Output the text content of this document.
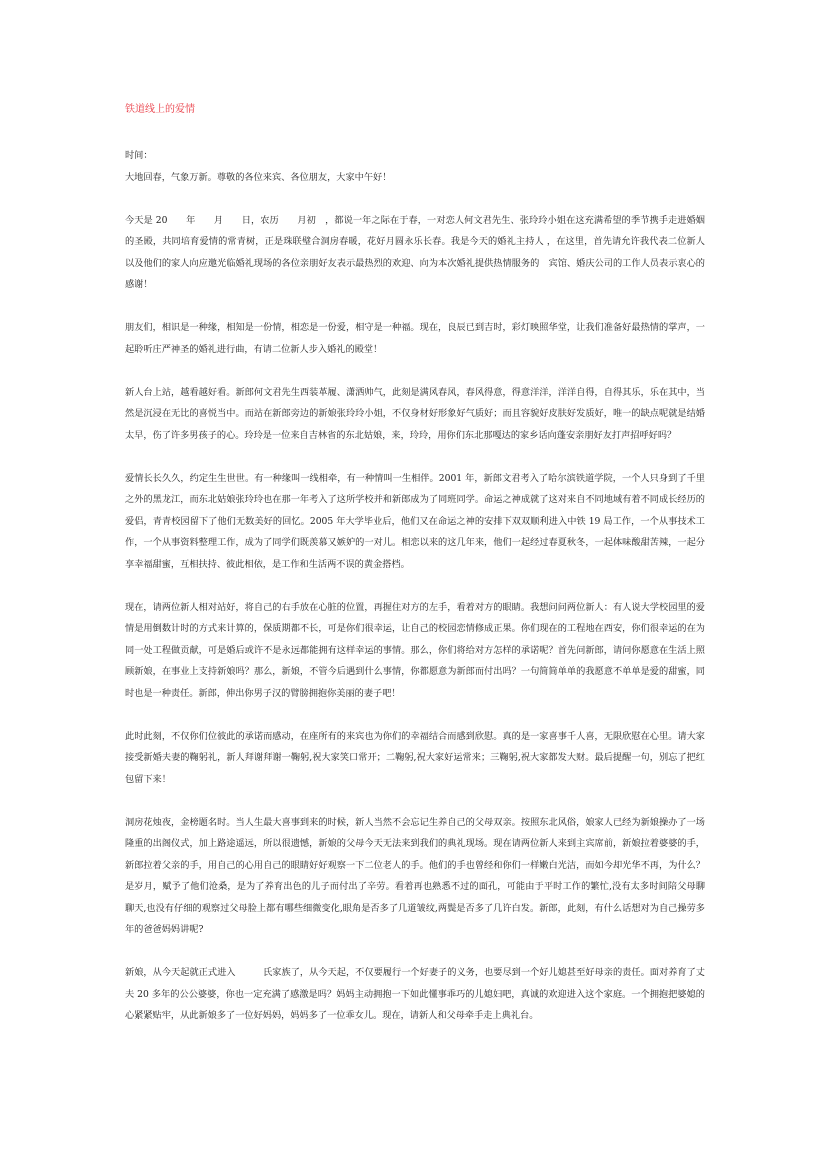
铁道线上的爱情

时间：

大地回春，气象万新。尊敬的各位来宾、各位朋友，大家中午好！

今天是 20　　年　　月　　日，农历　　月初　，都说一年之际在于春，一对恋人何文君先生、张玲玲小姐在这充满希望的季节携手走进婚姻的圣殿，共同培育爱情的常青树，正是珠联璧合洞房春暖，花好月圆永乐长春。我是今天的婚礼主持人 ，在这里，首先请允许我代表二位新人以及他们的家人向应邀光临婚礼现场的各位亲朋好友表示最热烈的欢迎、向为本次婚礼提供热情服务的　宾馆、婚庆公司的工作人员表示衷心的感谢！

朋友们，相识是一种缘，相知是一份情，相恋是一份爱，相守是一种福。现在，良辰已到吉时，彩灯映照华堂，让我们准备好最热情的掌声，一起聆听庄严神圣的婚礼进行曲，有请二位新人步入婚礼的殿堂！

新人台上站，越看越好看。新郎何文君先生西装革履、潇洒帅气，此刻是满风春风，春风得意，得意洋洋，洋洋自得，自得其乐，乐在其中，当然是沉浸在无比的喜悦当中。而站在新郎旁边的新娘张玲玲小姐，不仅身材好形象好气质好；而且容貌好皮肤好发质好，唯一的缺点呢就是结婚太早，伤了许多男孩子的心。玲玲是一位来自吉林省的东北姑娘，来，玲玲，用你们东北那嘎达的家乡话向蓬安亲朋好友打声招呼好吗？

爱情长长久久，约定生生世世。有一种缘叫一线相牵，有一种情叫一生相伴。2001 年，新郎文君考入了哈尔滨铁道学院，一个人只身到了千里之外的黑龙江，而东北姑娘张玲玲也在那一年考入了这所学校并和新郎成为了同班同学。命运之神成就了这对来自不同地域有着不同成长经历的爱侣，青青校园留下了他们无数美好的回忆。2005 年大学毕业后，他们又在命运之神的安排下双双顺利进入中铁 19 局工作，一个从事技术工作，一个从事资料整理工作，成为了同学们既羡慕又嫉妒的一对儿。相恋以来的这几年来，他们一起经过春夏秋冬，一起体味酸甜苦辣，一起分享幸福甜蜜，互相扶持、彼此相依，是工作和生活两不误的黄金搭档。

现在，请两位新人相对站好，将自己的右手放在心脏的位置，再握住对方的左手，看着对方的眼睛。我想问问两位新人：有人说大学校园里的爱情是用倒数计时的方式来计算的，保质期都不长，可是你们很幸运，让自己的校园恋情修成正果。你们现在的工程地在西安，你们很幸运的在为同一处工程做贡献，可是婚后或许不是永远都能拥有这样幸运的事情。那么，你们将给对方怎样的承诺呢？首先问新郎，请问你愿意在生活上照顾新娘，在事业上支持新娘吗？那么，新娘，不管今后遇到什么事情，你都愿意为新郎而付出吗？一句简简单单的我愿意不单单是爱的甜蜜，同时也是一种责任。新郎，伸出你男子汉的臂膀拥抱你美丽的妻子吧！

此时此刻，不仅你们位彼此的承诺而感动，在座所有的来宾也为你们的幸福结合而感到欣慰。真的是一家喜事千人喜，无限欣慰在心里。请大家接受新婚夫妻的鞠躬礼，新人拜谢拜谢一鞠躬,祝大家笑口常开；二鞠躬,祝大家好运常来；三鞠躬,祝大家都发大财。最后提醒一句，别忘了把红包留下来！

洞房花烛夜，金榜题名时。当人生最大喜事到来的时候，新人当然不会忘记生养自己的父母双亲。按照东北风俗，娘家人已经为新娘操办了一场隆重的出阁仪式，加上路途遥远，所以很遗憾，新娘的父母今天无法来到我们的典礼现场。现在请两位新人来到主宾席前，新娘拉着婆婆的手，新郎拉着父亲的手，用自己的心用自己的眼睛好好观察一下二位老人的手。他们的手也曾经和你们一样嫩白光洁，而如今却光华不再，为什么？是岁月，赋予了他们沧桑，是为了养育出色的儿子而付出了辛劳。看着再也熟悉不过的面孔，可能由于平时工作的繁忙,没有太多时间陪父母聊聊天,也没有仔细的观察过父母脸上都有哪些细微变化,眼角是否多了几道皱纹,两鬓是否多了几许白发。新郎，此刻，有什么话想对为自己操劳多年的爸爸妈妈讲呢?

新娘，从今天起就正式进入　　　氏家族了，从今天起，不仅要履行一个好妻子的义务，也要尽到一个好儿媳甚至好母亲的责任。面对养育了丈夫 20 多年的公公婆婆，你也一定充满了感激是吗？妈妈主动拥抱一下如此懂事乖巧的儿媳妇吧，真诚的欢迎进入这个家庭。一个拥抱把婆媳的心紧紧贴牢，从此新娘多了一位好妈妈，妈妈多了一位乖女儿。现在，请新人和父母牵手走上典礼台。
